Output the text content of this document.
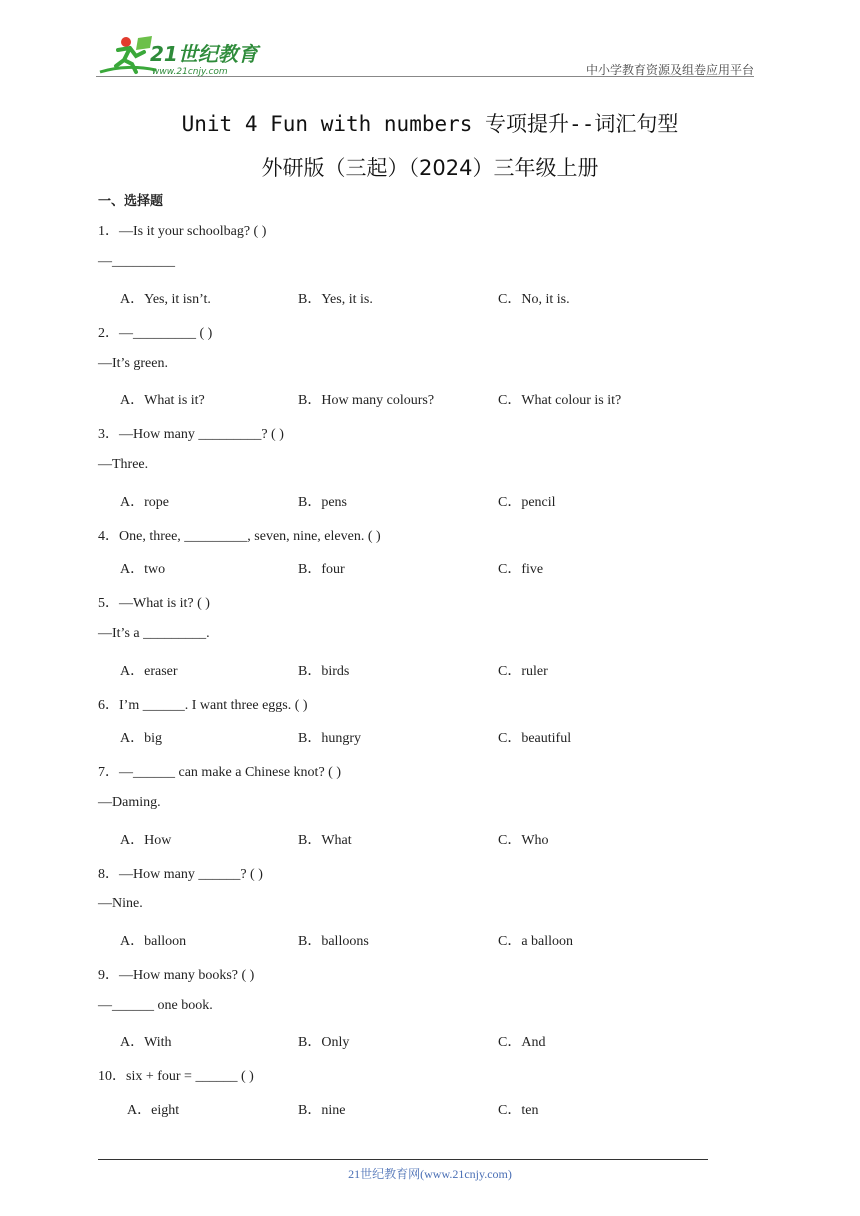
21世纪教育
www.21cnjy.com	中小学教育资源及组卷应用平台
Unit 4 Fun with numbers 专项提升--词汇句型
外研版（三起）（2024）三年级上册
一、选择题
1．—Is it your schoolbag? ( )
—_________
A．Yes, it isn’t.	B．Yes, it is.	C．No, it is.
2．—_________ ( )
—It’s green.
A．What is it?	B．How many colours?	C．What colour is it?
3．—How many _________? ( )
—Three.
A．rope	B．pens	C．pencil
4．One, three, _________, seven, nine, eleven. ( )
A．two	B．four	C．five
5．—What is it? ( )
—It’s a _________.
A．eraser	B．birds	C．ruler
6．I’m ______. I want three eggs. ( )
A．big	B．hungry	C．beautiful
7．—______ can make a Chinese knot? ( )
—Daming.
A．How	B．What	C．Who
8．—How many ______? ( )
—Nine.
A．balloon	B．balloons	C．a balloon
9．—How many books? ( )
—______ one book.
A．With	B．Only	C．And
10．six + four = ______ ( )
A．eight	B．nine	C．ten
21世纪教育网(www.21cnjy.com)
